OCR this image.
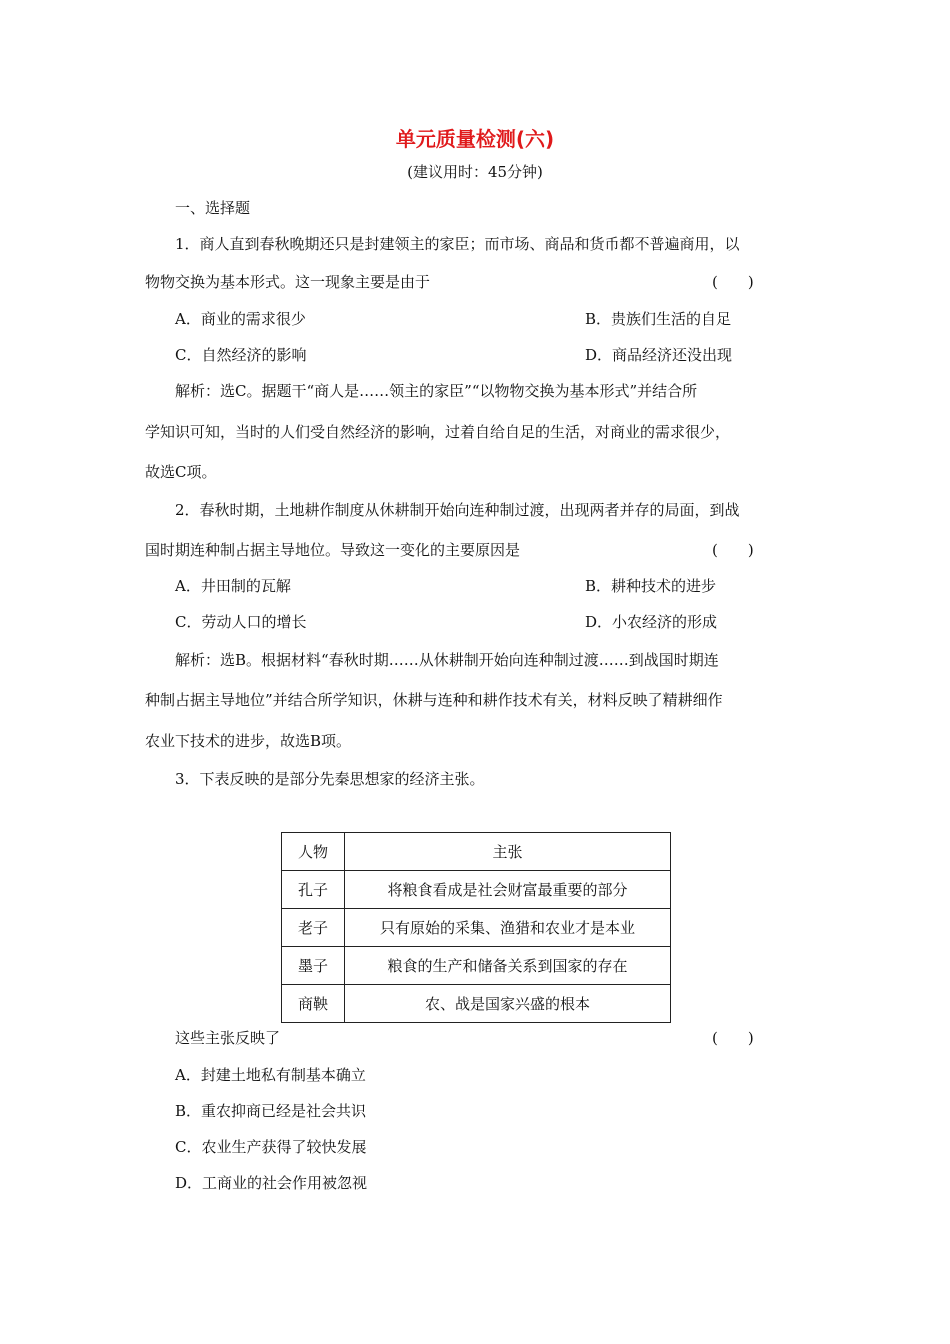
单元质量检测(六)
(建议用时：45分钟)
一、选择题
1．商人直到春秋晚期还只是封建领主的家臣；而市场、商品和货币都不普遍商用，以
物物交换为基本形式。这一现象主要是由于	(　　)
A．商业的需求很少	B．贵族们生活的自足
C．自然经济的影响	D．商品经济还没出现
解析：选C。据题干“商人是……领主的家臣”“以物物交换为基本形式”并结合所
学知识可知，当时的人们受自然经济的影响，过着自给自足的生活，对商业的需求很少，
故选C项。
2．春秋时期，土地耕作制度从休耕制开始向连种制过渡，出现两者并存的局面，到战
国时期连种制占据主导地位。导致这一变化的主要原因是	(　　)
A．井田制的瓦解	B．耕种技术的进步
C．劳动人口的增长	D．小农经济的形成
解析：选B。根据材料“春秋时期……从休耕制开始向连种制过渡……到战国时期连
种制占据主导地位”并结合所学知识，休耕与连种和耕作技术有关，材料反映了精耕细作
农业下技术的进步，故选B项。
3．下表反映的是部分先秦思想家的经济主张。
人物	主张
孔子	将粮食看成是社会财富最重要的部分
老子	只有原始的采集、渔猎和农业才是本业
墨子	粮食的生产和储备关系到国家的存在
商鞅	农、战是国家兴盛的根本
这些主张反映了	(　　)
A．封建土地私有制基本确立
B．重农抑商已经是社会共识
C．农业生产获得了较快发展
D．工商业的社会作用被忽视
